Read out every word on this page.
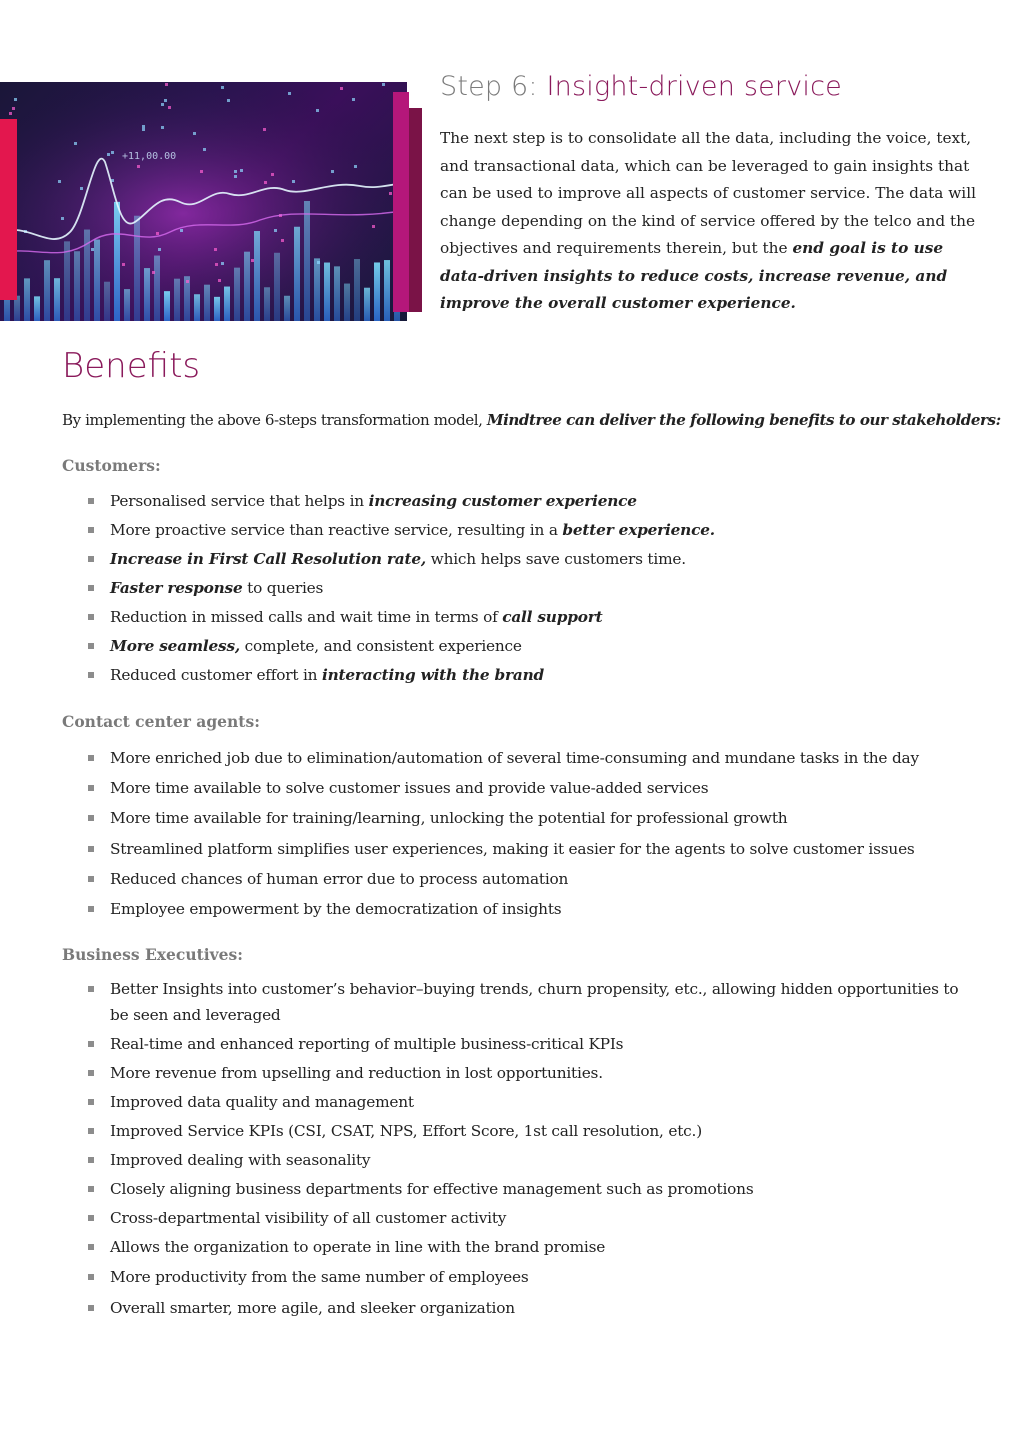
+11,00.00
Step 6: Insight-driven service

The next step is to consolidate all the data, including the voice, text, and transactional data, which can be leveraged to gain insights that can be used to improve all aspects of customer service. The data will change depending on the kind of service offered by the telco and the objectives and requirements therein, but the end goal is to use data-driven insights to reduce costs, increase revenue, and improve the overall customer experience.

Benefits

By implementing the above 6-steps transformation model, Mindtree can deliver the following benefits to our stakeholders:

Customers:

Personalised service that helps in increasing customer experience
More proactive service than reactive service, resulting in a better experience.
Increase in First Call Resolution rate, which helps save customers time.
Faster response to queries
Reduction in missed calls and wait time in terms of call support
More seamless, complete, and consistent experience
Reduced customer effort in interacting with the brand

Contact center agents:

More enriched job due to elimination/automation of several time-consuming and mundane tasks in the day
More time available to solve customer issues and provide value-added services
More time available for training/learning, unlocking the potential for professional growth
Streamlined platform simplifies user experiences, making it easier for the agents to solve customer issues
Reduced chances of human error due to process automation
Employee empowerment by the democratization of insights

Business Executives:

Better Insights into customer’s behavior–buying trends, churn propensity, etc., allowing hidden opportunities to be seen and leveraged
Real-time and enhanced reporting of multiple business-critical KPIs
More revenue from upselling and reduction in lost opportunities.
Improved data quality and management
Improved Service KPIs (CSI, CSAT, NPS, Effort Score, 1st call resolution, etc.)
Improved dealing with seasonality
Closely aligning business departments for effective management such as promotions
Cross-departmental visibility of all customer activity
Allows the organization to operate in line with the brand promise
More productivity from the same number of employees
Overall smarter, more agile, and sleeker organization
